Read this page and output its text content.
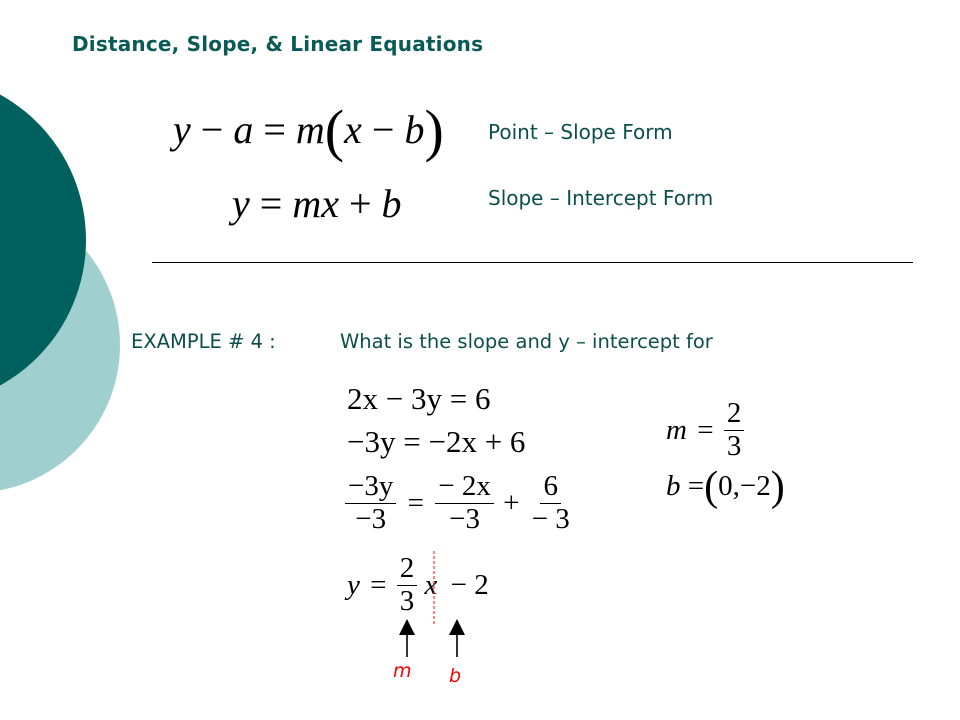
Distance, Slope, & Linear Equations
y − a = m(x − b) Point – Slope Form
y = mx + b	Slope – Intercept Form
EXAMPLE # 4 :	What is the slope and y – intercept for
2x − 3y = 6
−3y = −2x + 6
$\frac{-3y}{-3} = \frac{- 2x}{-3} + \frac{6}{- 3}$
$y = \frac{2}{3}$ x − 2
$m = \frac{2}{3}$
b =(0,−2)
m b
